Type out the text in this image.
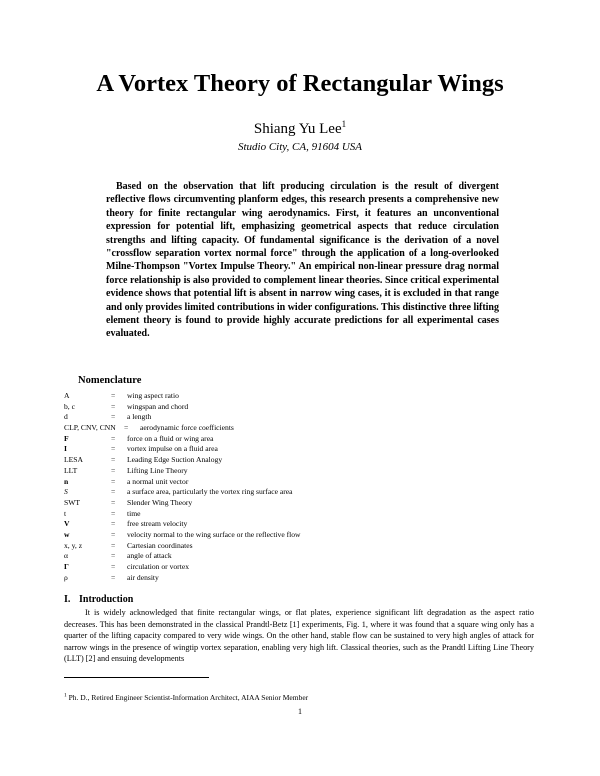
A Vortex Theory of Rectangular Wings
Shiang Yu Lee$^1$
Studio City, CA, 91604 USA

Based on the observation that lift producing circulation is the result of divergent reflective flows circumventing planform edges, this research presents a comprehensive new theory for finite rectangular wing aerodynamics. First, it features an unconventional expression for potential lift, emphasizing geometrical aspects that reduce circulation strengths and lifting capacity. Of fundamental significance is the derivation of a novel "crossflow separation vortex normal force" through the application of a long-overlooked Milne-Thompson "Vortex Impulse Theory." An empirical non-linear pressure drag normal force relationship is also provided to complement linear theories. Since critical experimental evidence shows that potential lift is absent in narrow wing cases, it is excluded in that range and only provides limited contributions in wider configurations. This distinctive three lifting element theory is found to provide highly accurate predictions for all experimental cases evaluated.

Nomenclature
A	= wing aspect ratio
b, c	= wingspan and chord
d	= a length
CLP, CNV, CNN = aerodynamic force coefficients
F	= force on a fluid or wing area
I	= vortex impulse on a fluid area
LESA	= Leading Edge Suction Analogy
LLT	= Lifting Line Theory
n	= a normal unit vector
S	= a surface area, particularly the vortex ring surface area
SWT	= Slender Wing Theory
t	= time
V	= free stream velocity
w	= velocity normal to the wing surface or the reflective flow
x, y, z	= Cartesian coordinates
α	= angle of attack
Γ	= circulation or vortex
ρ	= air density
I. Introduction

It is widely acknowledged that finite rectangular wings, or flat plates, experience significant lift degradation as the aspect ratio decreases. This has been demonstrated in the classical Prandtl-Betz [1] experiments, Fig. 1, where it was found that a square wing only has a quarter of the lifting capacity compared to very wide wings. On the other hand, stable flow can be sustained to very high angles of attack for narrow wings in the presence of wingtip vortex separation, enabling very high lift. Classical theories, such as the Prandtl Lifting Line Theory (LLT) [2] and ensuing developments

$^1$ Ph. D., Retired Engineer Scientist-Information Architect, AIAA Senior Member
1
